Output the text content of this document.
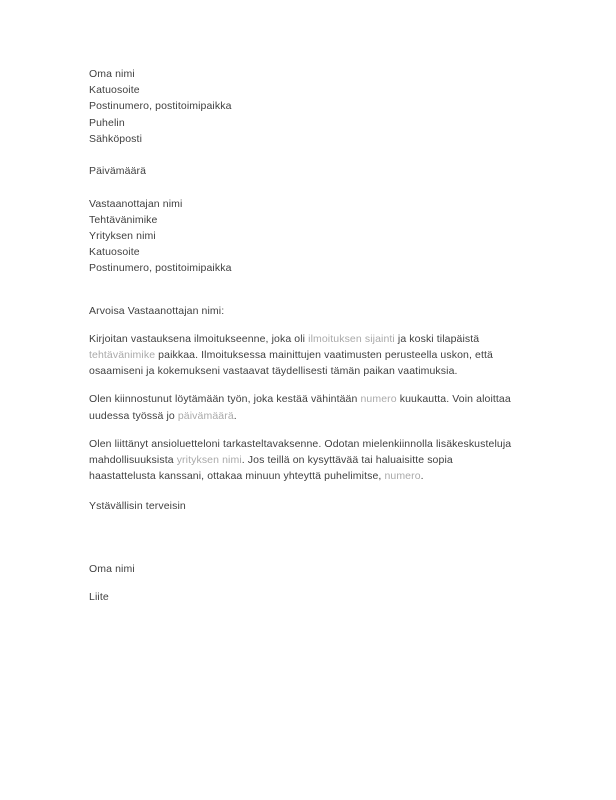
Oma nimi
Katuosoite
Postinumero, postitoimipaikka
Puhelin
Sähköposti
Päivämäärä
Vastaanottajan nimi
Tehtävänimike
Yrityksen nimi
Katuosoite
Postinumero, postitoimipaikka
Arvoisa Vastaanottajan nimi:

Kirjoitan vastauksena ilmoitukseenne, joka oli ilmoituksen sijainti ja koski tilapäistä tehtävänimike paikkaa. Ilmoituksessa mainittujen vaatimusten perusteella uskon, että osaamiseni ja kokemukseni vastaavat täydellisesti tämän paikan vaatimuksia.

Olen kiinnostunut löytämään työn, joka kestää vähintään numero kuukautta. Voin aloittaa uudessa työssä jo päivämäärä.

Olen liittänyt ansioluetteloni tarkasteltavaksenne. Odotan mielenkiinnolla lisäkeskusteluja mahdollisuuksista yrityksen nimi. Jos teillä on kysyttävää tai haluaisitte sopia haastattelusta kanssani, ottakaa minuun yhteyttä puhelimitse, numero.

Ystävällisin terveisin
Oma nimi
Liite
